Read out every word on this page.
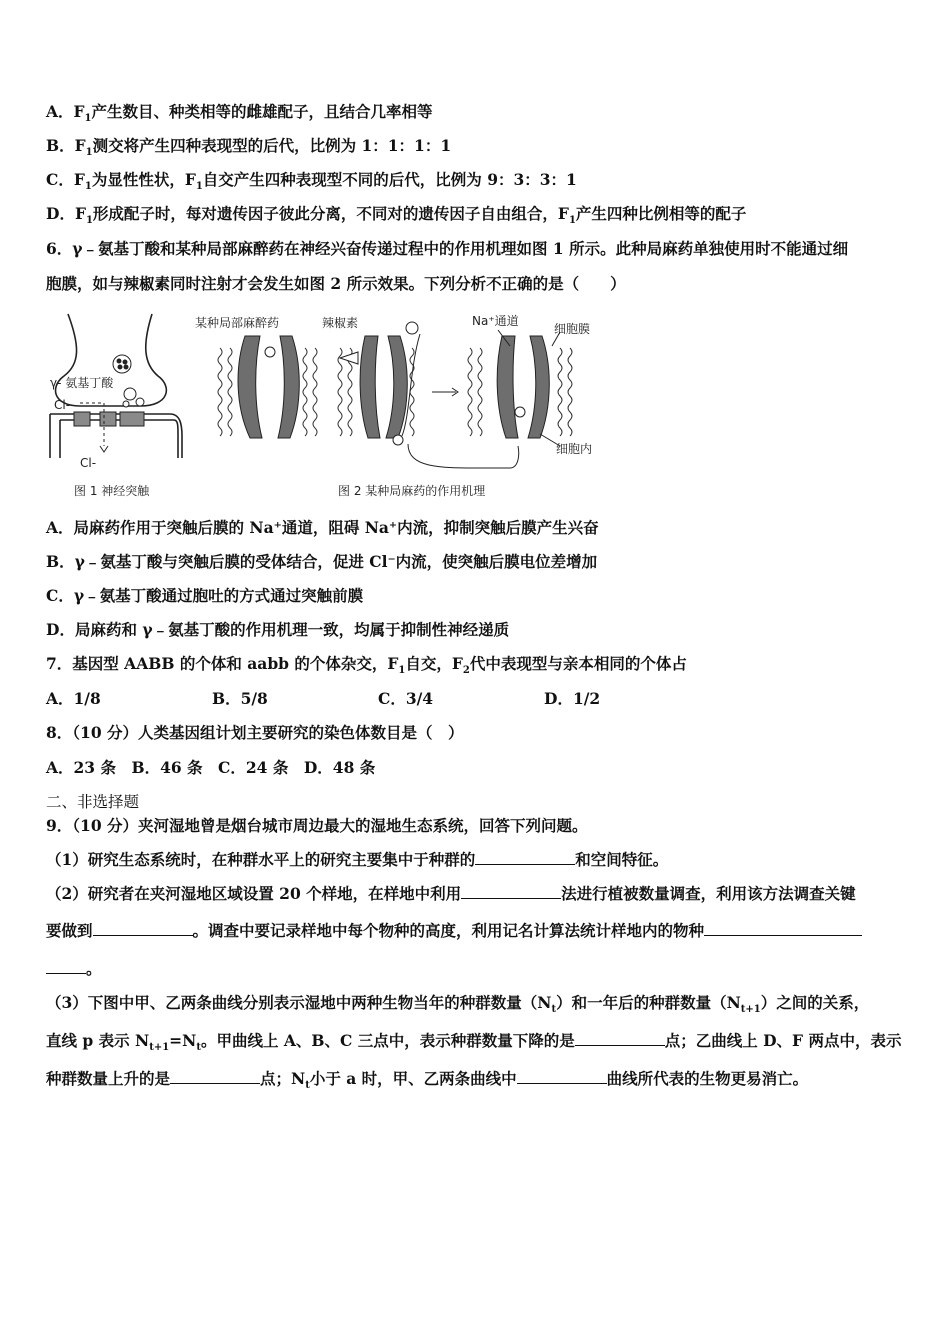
A．$F_1$产生数目、种类相等的雌雄配子，且结合几率相等
B．$F_1$测交将产生四种表现型的后代，比例为 1：1：1：1
C．$F_1$为显性性状，$F_1$自交产生四种表现型不同的后代，比例为 9：3：3：1
D．$F_1$形成配子时，每对遗传因子彼此分离，不同对的遗传因子自由组合，$F_1$产生四种比例相等的配子
6．γ﹣氨基丁酸和某种局部麻醉药在神经兴奋传递过程中的作用机理如图 1 所示。此种局麻药单独使用时不能通过细
胞膜，如与辣椒素同时注射才会发生如图 2 所示效果。下列分析不正确的是（　　）
γ- 氨基丁酸
Cl-
Cl-
某种局部麻醉药	辣椒素	Na⁺通道
细胞膜
细胞内
图 1 神经突触	图 2 某种局麻药的作用机理
A．局麻药作用于突触后膜的 Na⁺通道，阻碍 Na⁺内流，抑制突触后膜产生兴奋
B．γ﹣氨基丁酸与突触后膜的受体结合，促进 Cl⁻内流，使突触后膜电位差增加
C．γ﹣氨基丁酸通过胞吐的方式通过突触前膜
D．局麻药和 γ﹣氨基丁酸的作用机理一致，均属于抑制性神经递质
7．基因型 AABB 的个体和 aabb 的个体杂交，$F_1$自交，$F_2$代中表现型与亲本相同的个体占
A．1/8	B．5/8	C．3/4	D．1/2
8．（10 分）人类基因组计划主要研究的染色体数目是（　）
A．23 条　B．46 条　C．24 条　D．48 条
二、非选择题
9．（10 分）夹河湿地曾是烟台城市周边最大的湿地生态系统，回答下列问题。
（1）研究生态系统时，在种群水平上的研究主要集中于种群的	和空间特征。
（2）研究者在夹河湿地区域设置 20 个样地，在样地中利用	法进行植被数量调查，利用该方法调查关键
要做到	。调查中要记录样地中每个物种的高度，利用记名计算法统计样地内的物种
。
（3）下图中甲、乙两条曲线分别表示湿地中两种生物当年的种群数量$(N_t)$和一年后的种群数量$(N_{t+1})$之间的关系，
直线 p 表示 $N_{t+1}=N_t$。甲曲线上 A、B、C 三点中，表示种群数量下降的是	点；乙曲线上 D、F 两点中，表示
种群数量上升的是	点；$N_t$小于 a 时，甲、乙两条曲线中	曲线所代表的生物更易消亡。
